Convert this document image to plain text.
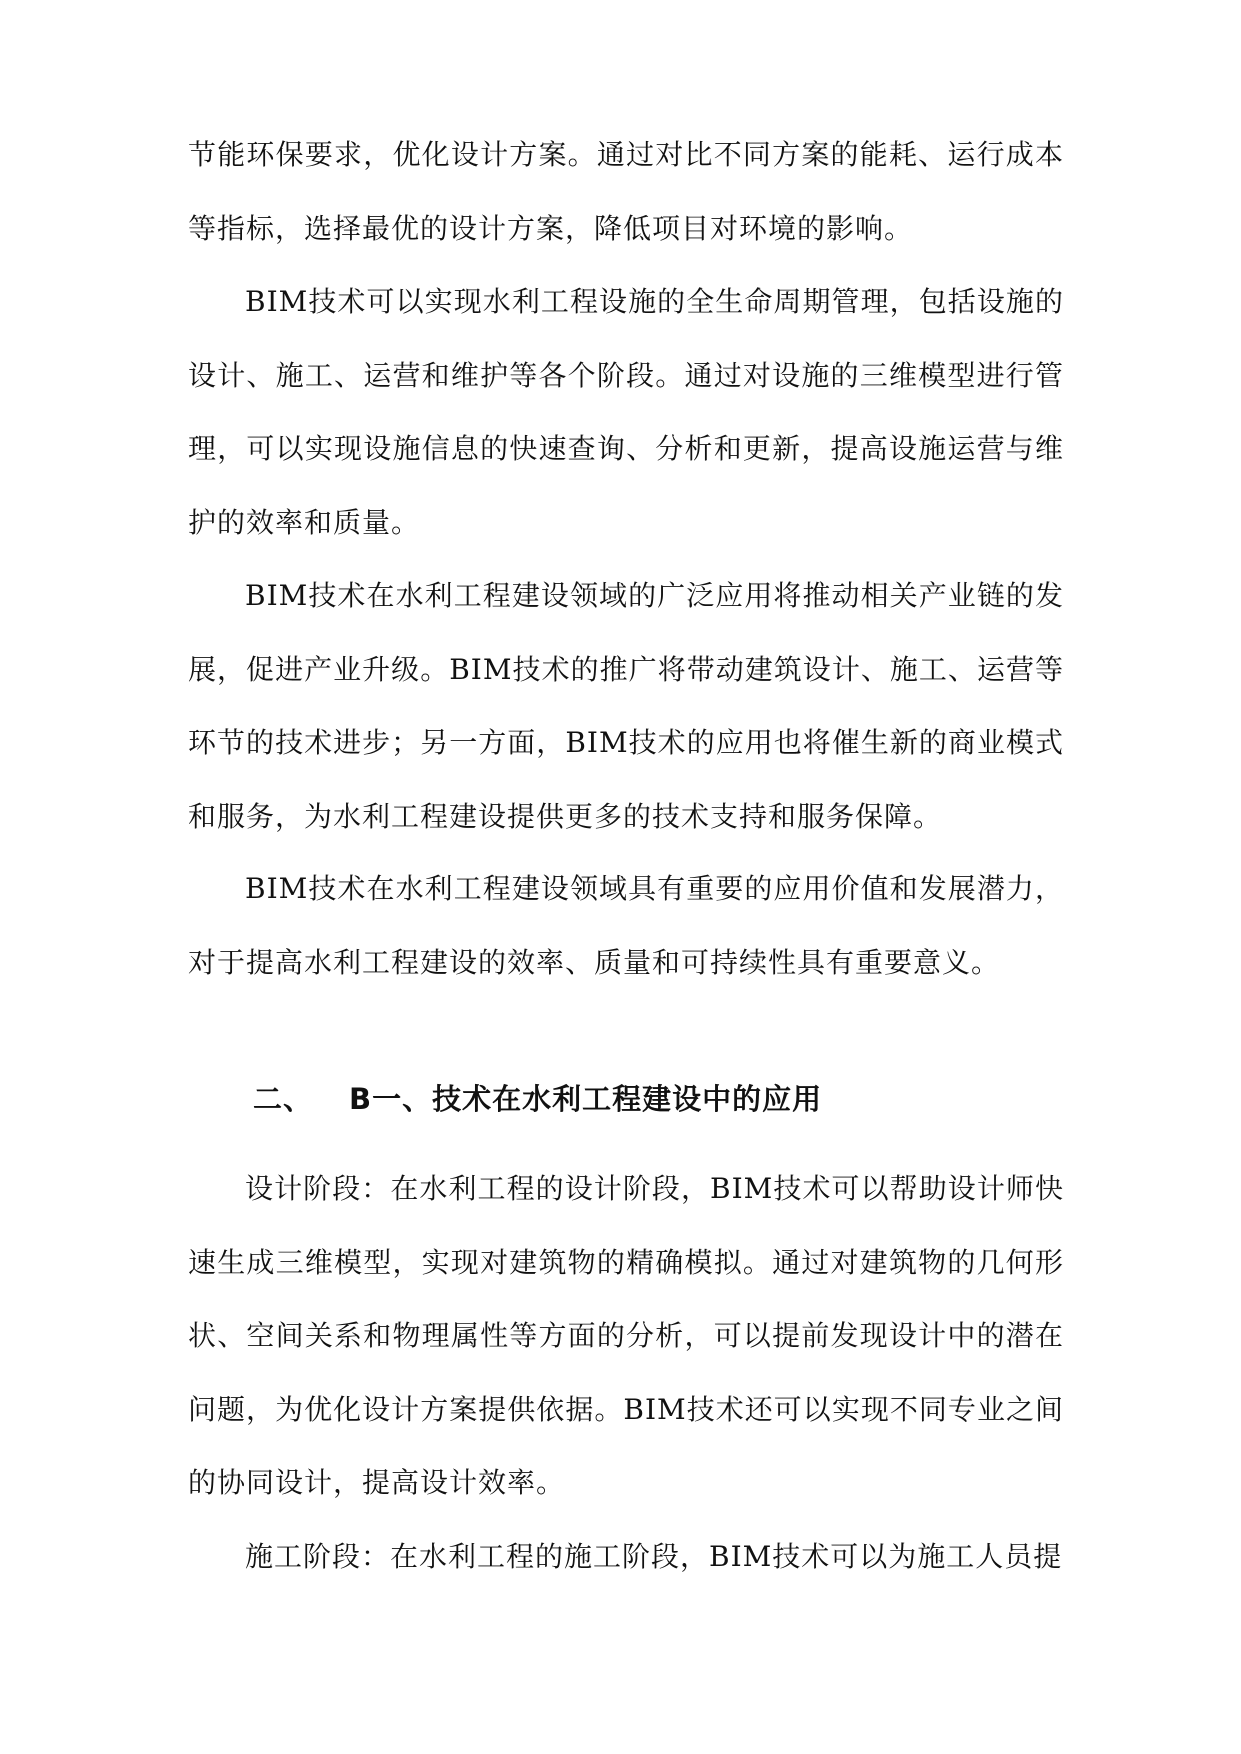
节能环保要求，优化设计方案。通过对比不同方案的能耗、运行成本等指标，选择最优的设计方案，降低项目对环境的影响。

BIM技术可以实现水利工程设施的全生命周期管理，包括设施的设计、施工、运营和维护等各个阶段。通过对设施的三维模型进行管理，可以实现设施信息的快速查询、分析和更新，提高设施运营与维护的效率和质量。

BIM技术在水利工程建设领域的广泛应用将推动相关产业链的发展，促进产业升级。BIM技术的推广将带动建筑设计、施工、运营等环节的技术进步；另一方面，BIM技术的应用也将催生新的商业模式和服务，为水利工程建设提供更多的技术支持和服务保障。

BIM技术在水利工程建设领域具有重要的应用价值和发展潜力，对于提高水利工程建设的效率、质量和可持续性具有重要意义。

二、 B一、技术在水利工程建设中的应用

设计阶段：在水利工程的设计阶段，BIM技术可以帮助设计师快速生成三维模型，实现对建筑物的精确模拟。通过对建筑物的几何形状、空间关系和物理属性等方面的分析，可以提前发现设计中的潜在问题，为优化设计方案提供依据。BIM技术还可以实现不同专业之间的协同设计，提高设计效率。

施工阶段：在水利工程的施工阶段，BIM技术可以为施工人员提
